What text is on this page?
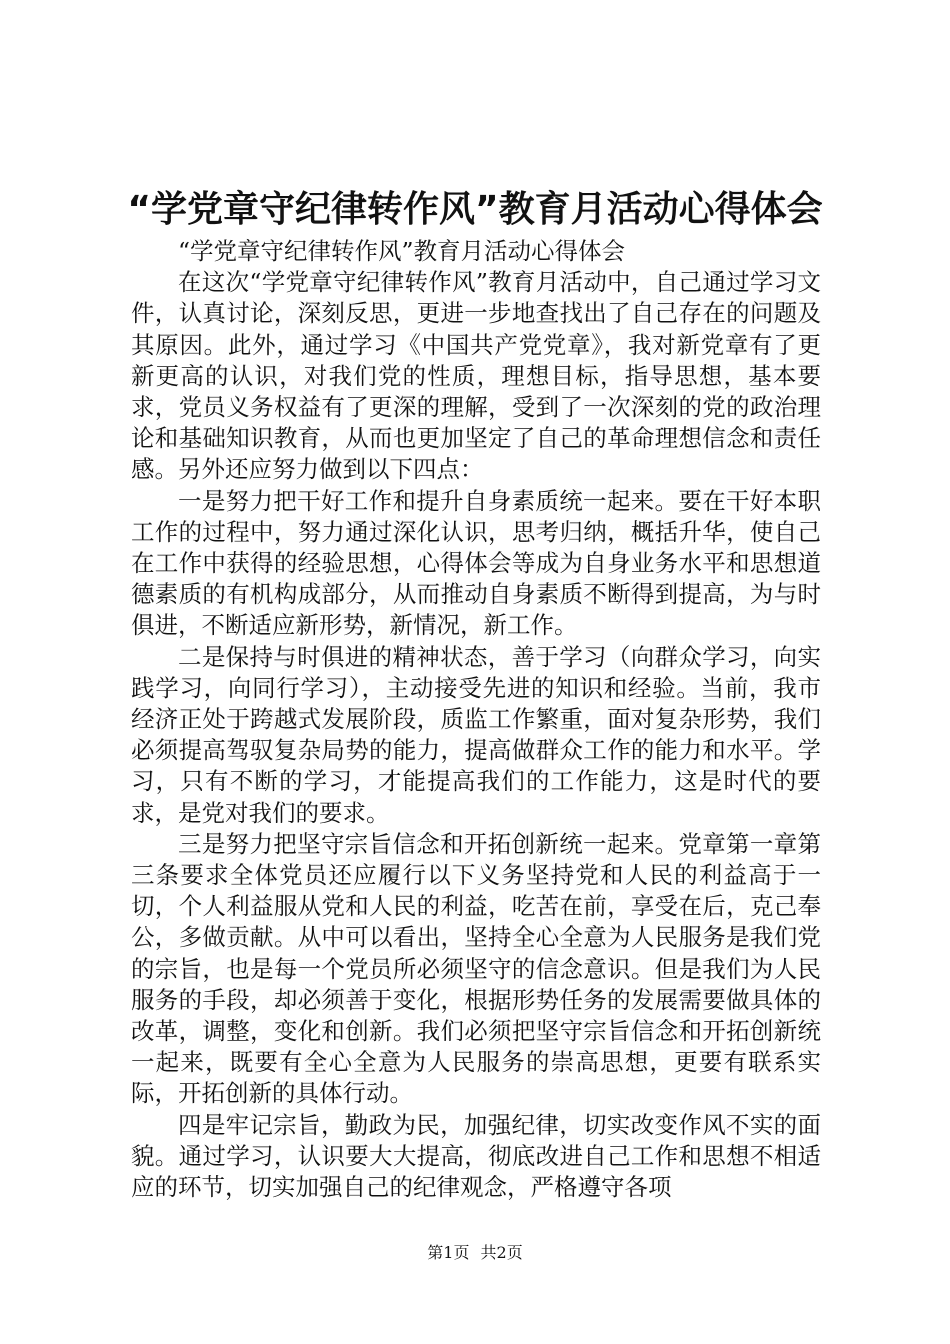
“学党章守纪律转作风”教育月活动心得体会

“学党章守纪律转作风”教育月活动心得体会

在这次“学党章守纪律转作风”教育月活动中，自己通过学习文件，认真讨论，深刻反思，更进一步地查找出了自己存在的问题及其原因。此外，通过学习《中国共产党党章》，我对新党章有了更新更高的认识，对我们党的性质，理想目标，指导思想，基本要求，党员义务权益有了更深的理解，受到了一次深刻的党的政治理论和基础知识教育，从而也更加坚定了自己的革命理想信念和责任感。另外还应努力做到以下四点：

一是努力把干好工作和提升自身素质统一起来。要在干好本职工作的过程中，努力通过深化认识，思考归纳，概括升华，使自己在工作中获得的经验思想，心得体会等成为自身业务水平和思想道德素质的有机构成部分，从而推动自身素质不断得到提高，为与时俱进，不断适应新形势，新情况，新工作。

二是保持与时俱进的精神状态，善于学习（向群众学习，向实践学习，向同行学习），主动接受先进的知识和经验。当前，我市经济正处于跨越式发展阶段，质监工作繁重，面对复杂形势，我们必须提高驾驭复杂局势的能力，提高做群众工作的能力和水平。学习，只有不断的学习，才能提高我们的工作能力，这是时代的要求，是党对我们的要求。

三是努力把坚守宗旨信念和开拓创新统一起来。党章第一章第三条要求全体党员还应履行以下义务坚持党和人民的利益高于一切，个人利益服从党和人民的利益，吃苦在前，享受在后，克己奉公，多做贡献。从中可以看出，坚持全心全意为人民服务是我们党的宗旨，也是每一个党员所必须坚守的信念意识。但是我们为人民服务的手段，却必须善于变化，根据形势任务的发展需要做具体的改革，调整，变化和创新。我们必须把坚守宗旨信念和开拓创新统一起来，既要有全心全意为人民服务的崇高思想，更要有联系实际，开拓创新的具体行动。

四是牢记宗旨，勤政为民，加强纪律，切实改变作风不实的面貌。通过学习，认识要大大提高，彻底改进自己工作和思想不相适应的环节，切实加强自己的纪律观念，严格遵守各项

第1页 共2页
